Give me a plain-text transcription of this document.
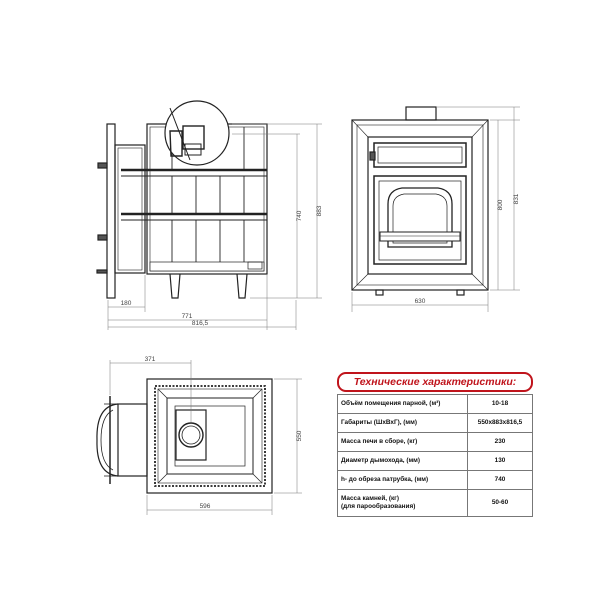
883
740
180
771
816,5
800
831
630
371
550
596
Технические характеристики:
Объём помещения парной, (м³)	10-18
Габариты (ШхВхГ), (мм)	550x883x816,5
Масса печи в сборе, (кг)	230
Диаметр дымохода, (мм)	130
h- до обреза патрубка, (мм)	740
Масса камней, (кг)
(для парообразования)	50-60
